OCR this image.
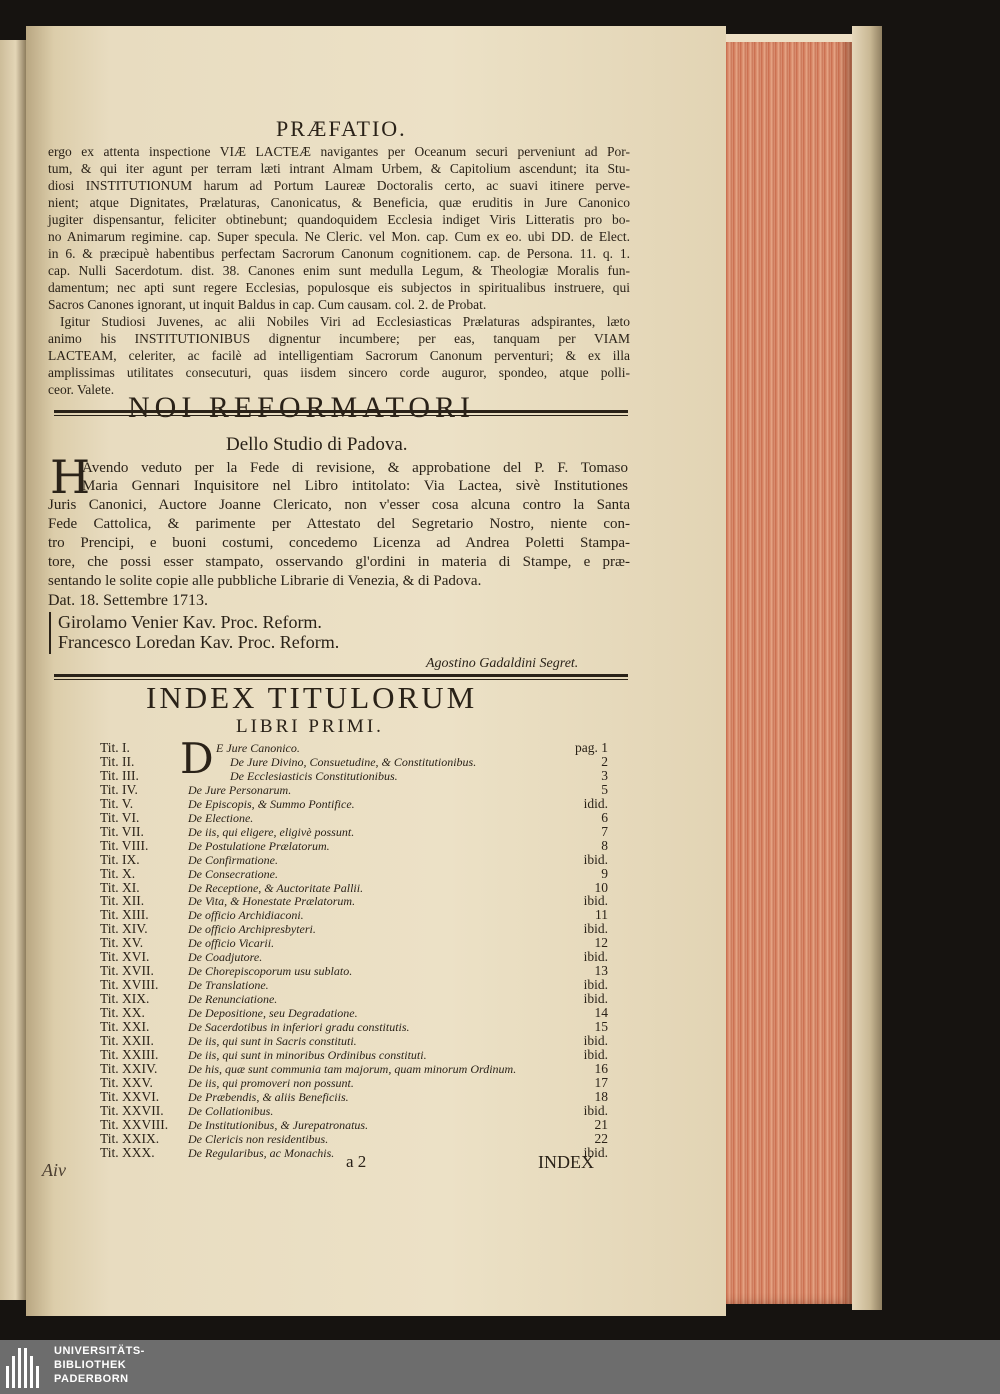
PRÆFATIO.
ergo ex attenta inspectione VIÆ LACTEÆ navigantes per Oceanum securi perveniunt ad Por-
tum, & qui iter agunt per terram læti intrant Almam Urbem, & Capitolium ascendunt; ita Stu-
diosi INSTITUTIONUM harum ad Portum Laureæ Doctoralis certo, ac suavi itinere perve-
nient; atque Dignitates, Prælaturas, Canonicatus, & Beneficia, quæ eruditis in Jure Canonico
jugiter dispensantur, feliciter obtinebunt; quandoquidem Ecclesia indiget Viris Litteratis pro bo-
no Animarum regimine. cap. Super specula. Ne Cleric. vel Mon. cap. Cum ex eo. ubi DD. de Elect.
in 6. & præcipuè habentibus perfectam Sacrorum Canonum cognitionem. cap. de Persona. 11. q. 1.
cap. Nulli Sacerdotum. dist. 38. Canones enim sunt medulla Legum, & Theologiæ Moralis fun-
damentum; nec apti sunt regere Ecclesias, populosque eis subjectos in spiritualibus instruere, qui
Sacros Canones ignorant, ut inquit Baldus in cap. Cum causam. col. 2. de Probat.
Igitur Studiosi Juvenes, ac alii Nobiles Viri ad Ecclesiasticas Prælaturas adspirantes, læto
animo his INSTITUTIONIBUS dignentur incumbere; per eas, tanquam per VIAM
LACTEAM, celeriter, ac facilè ad intelligentiam Sacrorum Canonum perventuri; & ex illa
amplissimas utilitates consecuturi, quas iisdem sincero corde auguror, spondeo, atque polli-
ceor. Valete.
NOI REFORMATORI
Dello Studio di Padova.
H
Avendo veduto per la Fede di revisione, & approbatione del P. F. Tomaso
Maria Gennari Inquisitore nel Libro intitolato: Via Lactea, sivè Institutiones
Juris Canonici, Auctore Joanne Clericato, non v'esser cosa alcuna contro la Santa
Fede Cattolica, & parimente per Attestato del Segretario Nostro, niente con-
tro Prencipi, e buoni costumi, concedemo Licenza ad Andrea Poletti Stampa-
tore, che possi esser stampato, osservando gl'ordini in materia di Stampe, e præ-
sentando le solite copie alle pubbliche Librarie di Venezia, & di Padova.
Dat. 18. Settembre 1713.
Girolamo Venier Kav. Proc. Reform.
Francesco Loredan Kav. Proc. Reform.
Agostino Gadaldini Segret.
INDEX TITULORUM
LIBRI PRIMI.
D
Tit. I.	E Jure Canonico.	pag. 1
Tit. II.	De Jure Divino, Consuetudine, & Constitutionibus.	2
Tit. III.	De Ecclesiasticis Constitutionibus.	3
Tit. IV.	De Jure Personarum.	5
Tit. V.	De Episcopis, & Summo Pontifice.	idid.
Tit. VI.	De Electione.	6
Tit. VII.	De iis, qui eligere, eligivè possunt.	7
Tit. VIII.	De Postulatione Prælatorum.	8
Tit. IX.	De Confirmatione.	ibid.
Tit. X.	De Consecratione.	9
Tit. XI.	De Receptione, & Auctoritate Pallii.	10
Tit. XII.	De Vita, & Honestate Prælatorum.	ibid.
Tit. XIII.	De officio Archidiaconi.	11
Tit. XIV.	De officio Archipresbyteri.	ibid.
Tit. XV.	De officio Vicarii.	12
Tit. XVI.	De Coadjutore.	ibid.
Tit. XVII.	De Chorepiscoporum usu sublato.	13
Tit. XVIII. De Translatione.	ibid.
Tit. XIX.	De Renunciatione.	ibid.
Tit. XX.	De Depositione, seu Degradatione.	14
Tit. XXI.	De Sacerdotibus in inferiori gradu constitutis.	15
Tit. XXII.	De iis, qui sunt in Sacris constituti.	ibid.
Tit. XXIII. De iis, qui sunt in minoribus Ordinibus constituti.	ibid.
Tit. XXIV.	De his, quæ sunt communia tam majorum, quam minorum Ordinum.	16
Tit. XXV.	De iis, qui promoveri non possunt.	17
Tit. XXVI. De Præbendis, & aliis Beneficiis.	18
Tit. XXVII. De Collationibus.	ibid.
Tit. XXVIII. De Institutionibus, & Jurepatronatus.	21
Tit. XXIX. De Clericis non residentibus.	22
Tit. XXX.	De Regularibus, ac Monachis.	ibid.
a 2	INDEX
Aiv
UNIVERSITÄTS-
BIBLIOTHEK
PADERBORN
